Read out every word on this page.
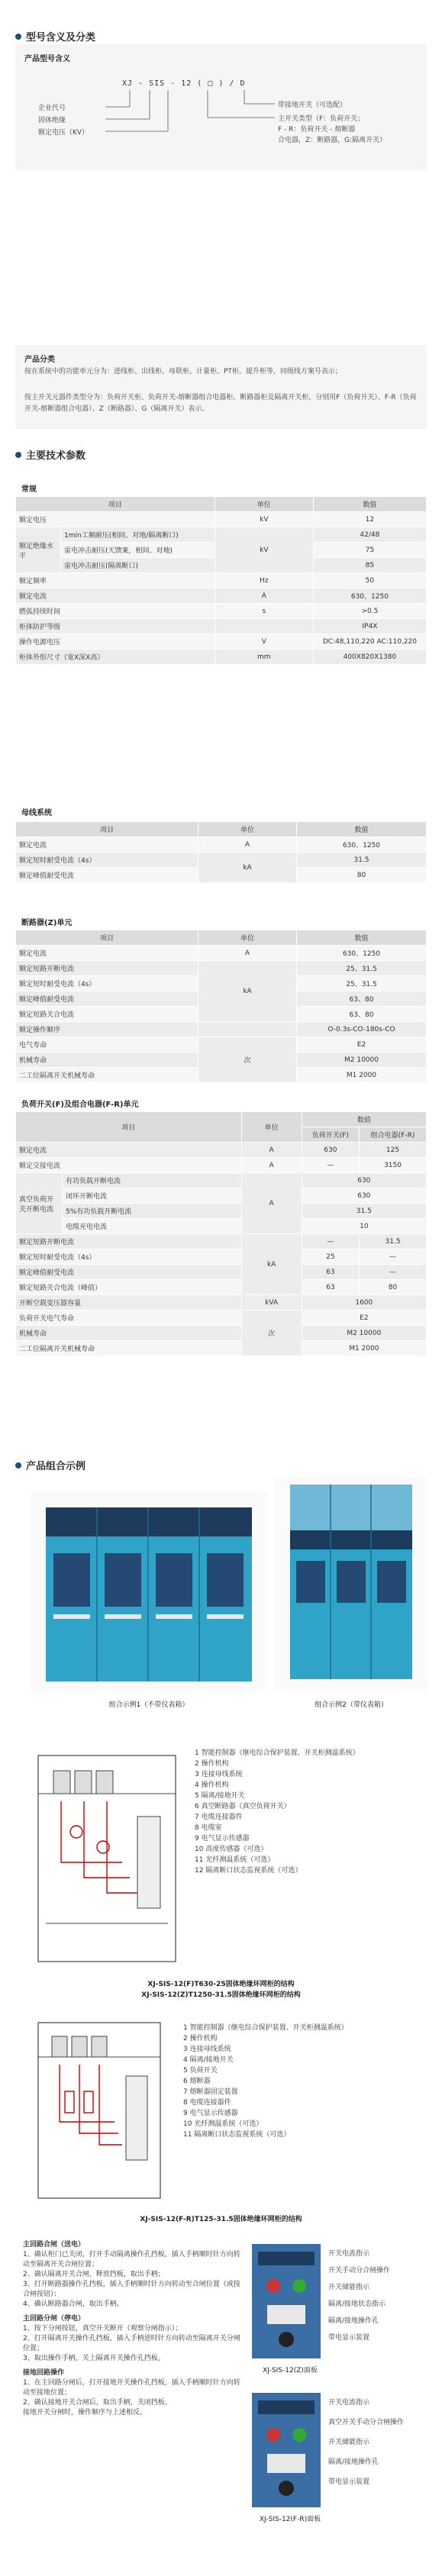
型号含义及分类
产品型号含义
XJ - SIS - 12 ( □ ) / D
企业代号
固体绝缘
额定电压（KV）
带接地开关（可选配）
主开关类型（F：负荷开关；
F - R：负荷开关 - 熔断器
合电器，Z：断路器，G:隔离开关）
产品分类
按在系统中的功能单元分为：进线柜、出线柜、母联柜、计量柜、PT柜、提升柜等，同级线方案号表示；
按主开关元器件类型分为：负荷开关柜、负荷开关-熔断器组合电器柜、断路器柜及隔离开关柜，分别用F（负荷开关）、F-R（负荷开关-熔断器组合电器）、Z（断路器）、G（隔离开关）表示。
主要技术参数
常规
项目		单位	数值
额定电压		kV	12
额定绝缘水平	1min工频耐压(相间、对地/隔离断口)	kV	42/48
	雷电冲击耐压(天馈案，相间、对地)		75
	雷电冲击耐压(隔离断口)		85
额定频率		Hz	50
额定电流		A	630、1250
燃弧持续时间		s	>0.5
柜体防护等级			IP4X
操作电源电压		V	DC:48,110,220 AC:110,220
柜体外形尺寸（宽X深X高）		mm	400X820X1380
母线系统
项目	单位	数值
额定电流	A	630、1250
额定短时耐受电流（4s）	kA	31.5
额定峰值耐受电流		80
断路器(Z)单元
项目	单位	数值
额定电流	A	630、1250
额定短路开断电流	kA	25、31.5
额定短时耐受电流（4s）		25、31.5
额定峰值耐受电流		63、80
额定短路关合电流		63、80
额定操作顺序		O-0.3s-CO-180s-CO
电气寿命	次	E2
机械寿命		M2 10000
二工位隔离开关机械寿命		M1 2000
负荷开关(F)及组合电器(F-R)单元
项目		单位	数值	
			负荷开关(F)	组合电器(F-R)
额定电流		A	630	125
额定交接电流		A	—	3150
真空负荷开关开断电流	有功负载开断电流	A	630	
	闭环开断电流		630	
	5%有功负载开断电流		31.5	
	电缆充电电流		10	
额定短路开断电流		kA	—	31.5
额定短时耐受电流（4s）			25	—
额定峰值耐受电流			63	—
额定短路关合电流（峰值）			63	80
开断空载变压器容量		kVA	1600	
负荷开关电气寿命		次	E2	
机械寿命			M2 10000	
二工位隔离开关机械寿命			M1 2000	
产品组合示例
组合示例1（不带仪表箱）	组合示例2（带仪表箱）
1 智能控制器（继电综合保护装置、开关柜测温系统）
2 操作机构
3 连接母线系统
4 操作机构
5 隔离/接地开关
6 真空断路器（真空负荷开关）
7 电缆连接器件
8 电缆室
9 电气显示传感器
10 高度传感器（可选）
11 光纤测温系统（可选）
12 隔离断口状态监视系统（可选）
XJ-SIS-12(F)T630-25固体绝缘环网柜的结构
XJ-SIS-12(Z)T1250-31.5固体绝缘环网柜的结构
1 智能控制器（继电综合保护装置、开关柜测温系统）
2 操作机构
3 连接母线系统
4 隔离/接地开关
5 负荷开关
6 熔断器
7 熔断器固定装置
8 电缆连接器件
9 电气显示传感器
10 光纤测温系统（可选）
11 隔离断口状态监视系统（可选）
XJ-SIS-12(F-R)T125-31.5固体绝缘环网柜的结构
主回路合闸（送电）
1、确认柜门已关闭，打开手动隔离操作孔挡板，插入手柄顺时针方向转动至隔离开关合闸位置；
2、确认隔离开关合闸，释放挡板，取出手柄；
3、打开断路器操作孔挡板，插入手柄顺时针方向转动至合闸位置（或按合闸按钮）；
4、确认断路器合闸，取出手柄。
主回路分闸（停电）
1、按下分闸按钮，真空开关断开（观察分闸指示）；
2、打开隔离开关操作孔挡板，插入手柄逆时针方向转动至隔离开关分闸位置；
3、取出操作手柄，关上隔离开关操作孔挡板。
接地回路操作
1、在主回路分闸后，打开接地开关操作孔挡板，插入手柄顺时针方向转动至接地位置；
2、确认接地开关合闸后，取出手柄，关闭挡板。
接地开关分闸时，操作顺序与上述相反。
开关电流指示
开关手动分合闸操作
开关储能指示
隔离/接地状态指示
隔离/接地操作孔
带电显示装置
XJ-SIS-12(Z)面板
开关电流指示
真空开关手动分合闸操作
开关储能指示
隔离/接地操作孔
带电显示装置
XJ-SIS-12(F-R)面板
